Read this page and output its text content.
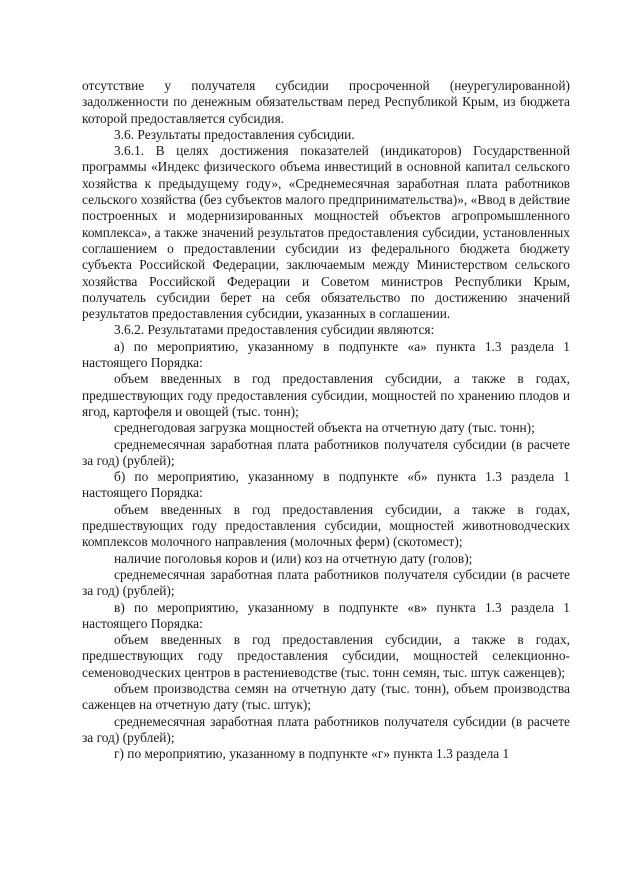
отсутствие у получателя субсидии просроченной (неурегулированной) задолженности по денежным обязательствам перед Республикой Крым, из бюджета которой предоставляется субсидия.

3.6. Результаты предоставления субсидии.

3.6.1. В целях достижения показателей (индикаторов) Государственной программы «Индекс физического объема инвестиций в основной капитал сельского хозяйства к предыдущему году», «Среднемесячная заработная плата работников сельского хозяйства (без субъектов малого предпринимательства)», «Ввод в действие построенных и модернизированных мощностей объектов агропромышленного комплекса», а также значений результатов предоставления субсидии, установленных соглашением о предоставлении субсидии из федерального бюджета бюджету субъекта Российской Федерации, заключаемым между Министерством сельского хозяйства Российской Федерации и Советом министров Республики Крым, получатель субсидии берет на себя обязательство по достижению значений результатов предоставления субсидии, указанных в соглашении.

3.6.2. Результатами предоставления субсидии являются:

а) по мероприятию, указанному в подпункте «а» пункта 1.3 раздела 1 настоящего Порядка:

объем введенных в год предоставления субсидии, а также в годах, предшествующих году предоставления субсидии, мощностей по хранению плодов и ягод, картофеля и овощей (тыс. тонн);

среднегодовая загрузка мощностей объекта на отчетную дату (тыс. тонн);

среднемесячная заработная плата работников получателя субсидии (в расчете за год) (рублей);

б) по мероприятию, указанному в подпункте «б» пункта 1.3 раздела 1 настоящего Порядка:

объем введенных в год предоставления субсидии, а также в годах, предшествующих году предоставления субсидии, мощностей животноводческих комплексов молочного направления (молочных ферм) (скотомест);

наличие поголовья коров и (или) коз на отчетную дату (голов);

среднемесячная заработная плата работников получателя субсидии (в расчете за год) (рублей);

в) по мероприятию, указанному в подпункте «в» пункта 1.3 раздела 1 настоящего Порядка:

объем введенных в год предоставления субсидии, а также в годах, предшествующих году предоставления субсидии, мощностей селекционно-семеноводческих центров в растениеводстве (тыс. тонн семян, тыс. штук саженцев);

объем производства семян на отчетную дату (тыс. тонн), объем производства саженцев на отчетную дату (тыс. штук);

среднемесячная заработная плата работников получателя субсидии (в расчете за год) (рублей);

г) по мероприятию, указанному в подпункте «г» пункта 1.3 раздела 1
